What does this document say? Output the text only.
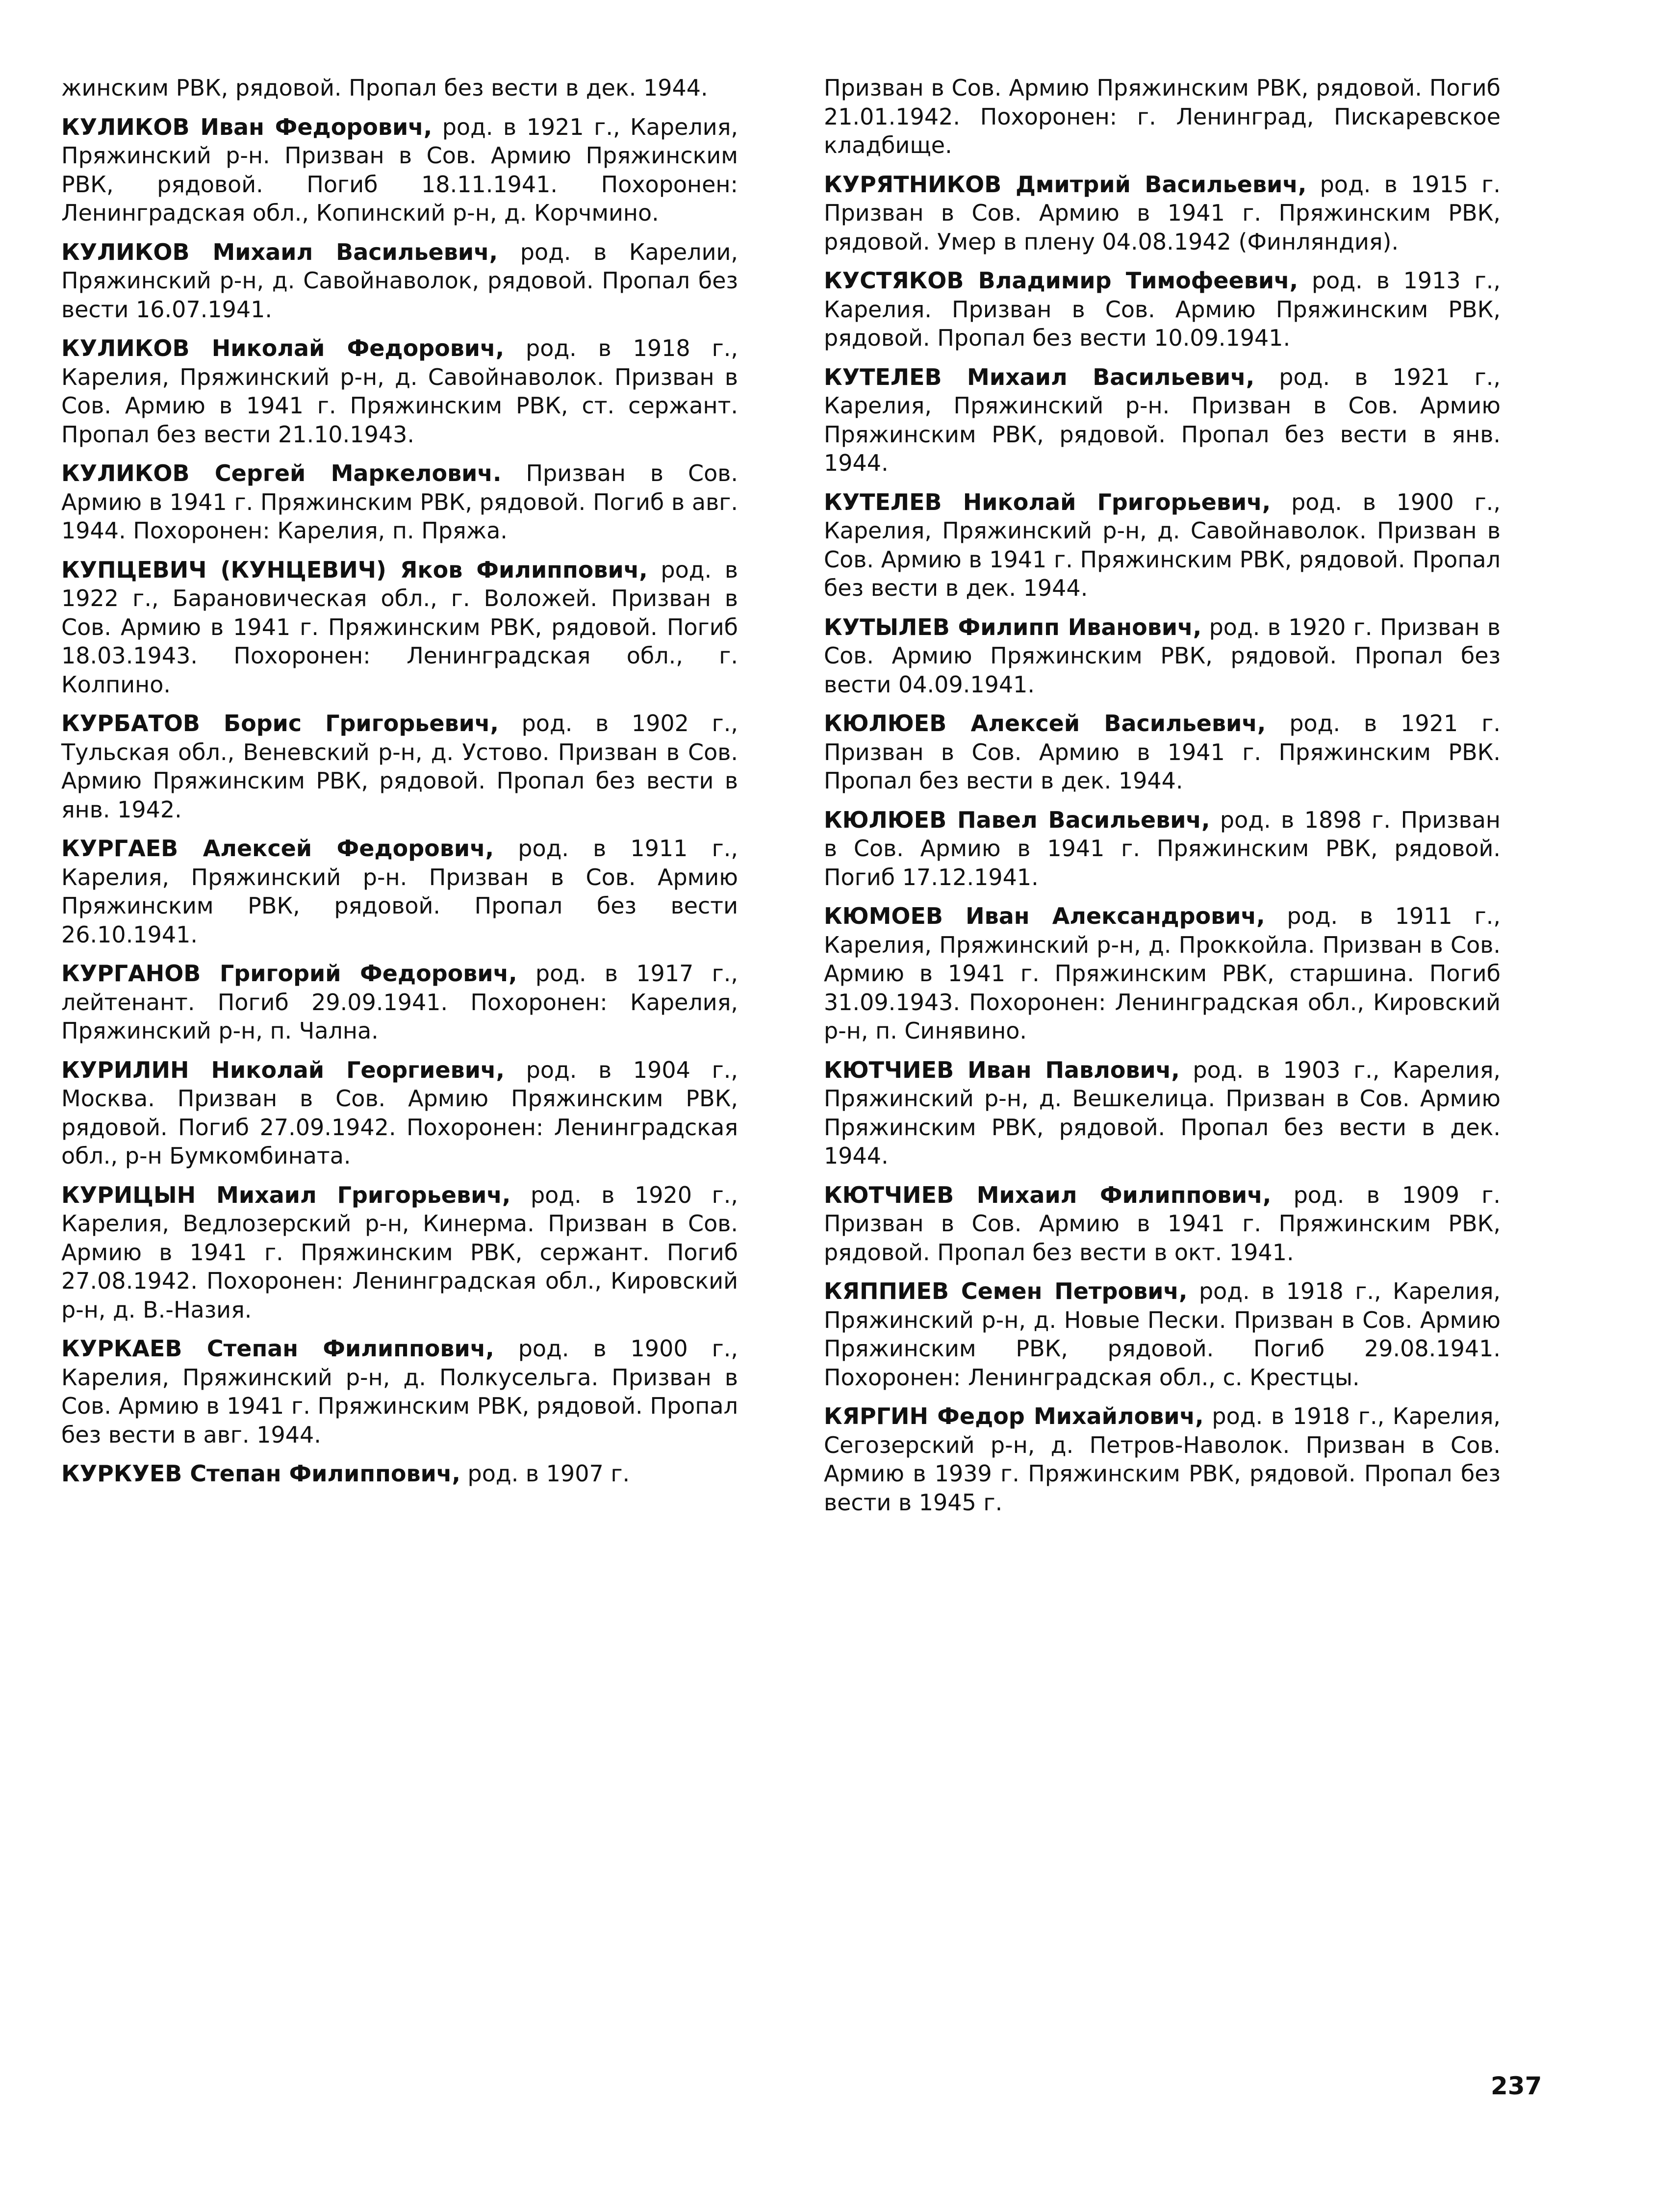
жинским РВК, рядовой. Пропал без вести в дек. 1944.

КУЛИКОВ Иван Федорович, род. в 1921 г., Карелия, Пряжинский р-н. Призван в Сов. Армию Пряжинским РВК, рядовой. Погиб 18.11.1941. Похоронен: Ленинградская обл., Копинский р-н, д. Корчмино.

КУЛИКОВ Михаил Васильевич, род. в Карелии, Пряжинский р-н, д. Савойнаволок, рядовой. Пропал без вести 16.07.1941.

КУЛИКОВ Николай Федорович, род. в 1918 г., Карелия, Пряжинский р-н, д. Савойнаволок. Призван в Сов. Армию в 1941 г. Пряжинским РВК, ст. сержант. Пропал без вести 21.10.1943.

КУЛИКОВ Сергей Маркелович. Призван в Сов. Армию в 1941 г. Пряжинским РВК, рядовой. Погиб в авг. 1944. Похоронен: Карелия, п. Пряжа.

КУПЦЕВИЧ (КУНЦЕВИЧ) Яков Филиппович, род. в 1922 г., Барановическая обл., г. Воложей. Призван в Сов. Армию в 1941 г. Пряжинским РВК, рядовой. Погиб 18.03.1943. Похоронен: Ленинградская обл., г. Колпино.

КУРБАТОВ Борис Григорьевич, род. в 1902 г., Тульская обл., Веневский р-н, д. Устово. Призван в Сов. Армию Пряжинским РВК, рядовой. Пропал без вести в янв. 1942.

КУРГАЕВ Алексей Федорович, род. в 1911 г., Карелия, Пряжинский р-н. Призван в Сов. Армию Пряжинским РВК, рядовой. Пропал без вести 26.10.1941.

КУРГАНОВ Григорий Федорович, род. в 1917 г., лейтенант. Погиб 29.09.1941. Похоронен: Карелия, Пряжинский р-н, п. Чална.

КУРИЛИН Николай Георгиевич, род. в 1904 г., Москва. Призван в Сов. Армию Пряжинским РВК, рядовой. Погиб 27.09.1942. Похоронен: Ленинградская обл., р-н Бумкомбината.

КУРИЦЫН Михаил Григорьевич, род. в 1920 г., Карелия, Ведлозерский р-н, Кинерма. Призван в Сов. Армию в 1941 г. Пряжинским РВК, сержант. Погиб 27.08.1942. Похоронен: Ленинградская обл., Кировский р-н, д. В.-Назия.

КУРКАЕВ Степан Филиппович, род. в 1900 г., Карелия, Пряжинский р-н, д. Полкусельга. Призван в Сов. Армию в 1941 г. Пряжинским РВК, рядовой. Пропал без вести в авг. 1944.

КУРКУЕВ Степан Филиппович, род. в 1907 г.

Призван в Сов. Армию Пряжинским РВК, рядовой. Погиб 21.01.1942. Похоронен: г. Ленинград, Пискаревское кладбище.

КУРЯТНИКОВ Дмитрий Васильевич, род. в 1915 г. Призван в Сов. Армию в 1941 г. Пряжинским РВК, рядовой. Умер в плену 04.08.1942 (Финляндия).

КУСТЯКОВ Владимир Тимофеевич, род. в 1913 г., Карелия. Призван в Сов. Армию Пряжинским РВК, рядовой. Пропал без вести 10.09.1941.

КУТЕЛЕВ Михаил Васильевич, род. в 1921 г., Карелия, Пряжинский р-н. Призван в Сов. Армию Пряжинским РВК, рядовой. Пропал без вести в янв. 1944.

КУТЕЛЕВ Николай Григорьевич, род. в 1900 г., Карелия, Пряжинский р-н, д. Савойнаволок. Призван в Сов. Армию в 1941 г. Пряжинским РВК, рядовой. Пропал без вести в дек. 1944.

КУТЫЛЕВ Филипп Иванович, род. в 1920 г. Призван в Сов. Армию Пряжинским РВК, рядовой. Пропал без вести 04.09.1941.

КЮЛЮЕВ Алексей Васильевич, род. в 1921 г. Призван в Сов. Армию в 1941 г. Пряжинским РВК. Пропал без вести в дек. 1944.

КЮЛЮЕВ Павел Васильевич, род. в 1898 г. Призван в Сов. Армию в 1941 г. Пряжинским РВК, рядовой. Погиб 17.12.1941.

КЮМОЕВ Иван Александрович, род. в 1911 г., Карелия, Пряжинский р-н, д. Проккойла. Призван в Сов. Армию в 1941 г. Пряжинским РВК, старшина. Погиб 31.09.1943. Похоронен: Ленинградская обл., Кировский р-н, п. Синявино.

КЮТЧИЕВ Иван Павлович, род. в 1903 г., Карелия, Пряжинский р-н, д. Вешкелица. Призван в Сов. Армию Пряжинским РВК, рядовой. Пропал без вести в дек. 1944.

КЮТЧИЕВ Михаил Филиппович, род. в 1909 г. Призван в Сов. Армию в 1941 г. Пряжинским РВК, рядовой. Пропал без вести в окт. 1941.

КЯППИЕВ Семен Петрович, род. в 1918 г., Карелия, Пряжинский р-н, д. Новые Пески. Призван в Сов. Армию Пряжинским РВК, рядовой. Погиб 29.08.1941. Похоронен: Ленинградская обл., с. Крестцы.

КЯРГИН Федор Михайлович, род. в 1918 г., Карелия, Сегозерский р-н, д. Петров-Наволок. Призван в Сов. Армию в 1939 г. Пряжинским РВК, рядовой. Пропал без вести в 1945 г.

237
